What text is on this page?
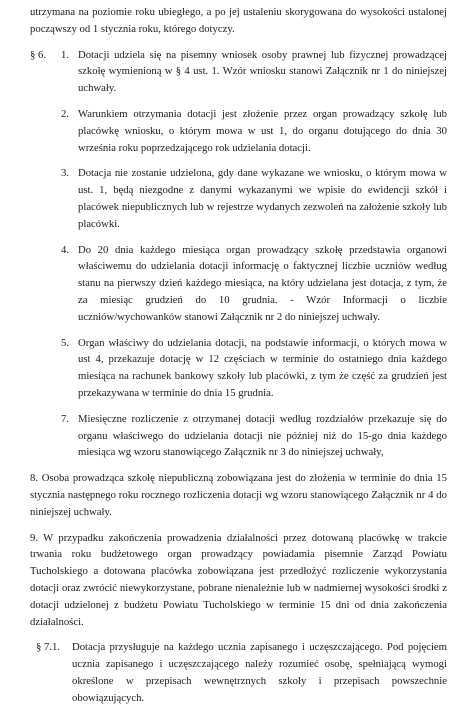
utrzymana na poziomie roku ubiegłego, a po jej ustaleniu skorygowana do wysokości ustalonej począwszy od 1 stycznia roku, którego dotyczy.

§ 6.	1. Dotacji udziela się na pisemny wniosek osoby prawnej lub fizycznej prowadzącej szkołę wymienioną w § 4 ust. 1. Wzór wniosku stanowi Załącznik nr 1 do niniejszej uchwały.
2. Warunkiem otrzymania dotacji jest złożenie przez organ prowadzący szkołę lub placówkę wniosku, o którym mowa w ust 1, do organu dotującego do dnia 30 września roku poprzedzającego rok udzielania dotacji.
3. Dotacja nie zostanie udzielona, gdy dane wykazane we wniosku, o którym mowa w ust. 1, będą niezgodne z danymi wykazanymi we wpisie do ewidencji szkół i placówek niepublicznych lub w rejestrze wydanych zezwoleń na założenie szkoły lub placówki.
4. Do 20 dnia każdego miesiąca organ prowadzący szkołę przedstawia organowi właściwemu do udzielania dotacji informację o faktycznej liczbie uczniów według stanu na pierwszy dzień każdego miesiąca, na który udzielana jest dotacja, z tym, że za miesiąc grudzień do 10 grudnia. - Wzór Informacji o liczbie uczniów/wychowanków stanowi Załącznik nr 2 do niniejszej uchwały.
5. Organ właściwy do udzielania dotacji, na podstawie informacji, o których mowa w ust 4, przekazuje dotację w 12 częściach w terminie do ostatniego dnia każdego miesiąca na rachunek bankowy szkoły lub placówki, z tym że część za grudzień jest przekazywana w terminie do dnia 15 grudnia.
7. Miesięczne rozliczenie z otrzymanej dotacji według rozdziałów przekazuje się do organu właściwego do udzielania dotacji nie później niż do 15-go dnia każdego miesiąca wg wzoru stanowiącego Załącznik nr 3 do niniejszej uchwały,

8. Osoba prowadząca szkołę niepubliczną zobowiązana jest do złożenia w terminie do dnia 15 stycznia następnego roku rocznego rozliczenia dotacji wg wzoru stanowiącego Załącznik nr 4 do niniejszej uchwały.

9. W przypadku zakończenia prowadzenia działalności przez dotowaną placówkę w trakcie trwania roku budżetowego organ prowadzący powiadamia pisemnie Zarząd Powiatu Tucholskiego a dotowana placówka zobowiązana jest przedłożyć rozliczenie wykorzystania dotacji oraz zwrócić niewykorzystane, pobrane nienależnie lub w nadmiernej wysokości środki z dotacji udzielonej z budżetu Powiatu Tucholskiego w terminie 15 dni od dnia zakończenia działalności.

§ 7.1.	Dotacja przysługuje na każdego ucznia zapisanego i uczęszczającego. Pod pojęciem ucznia zapisanego i uczęszczającego należy rozumieć osobę, spełniającą wymogi określone w przepisach wewnętrznych szkoły i przepisach powszechnie obowiązujących.
